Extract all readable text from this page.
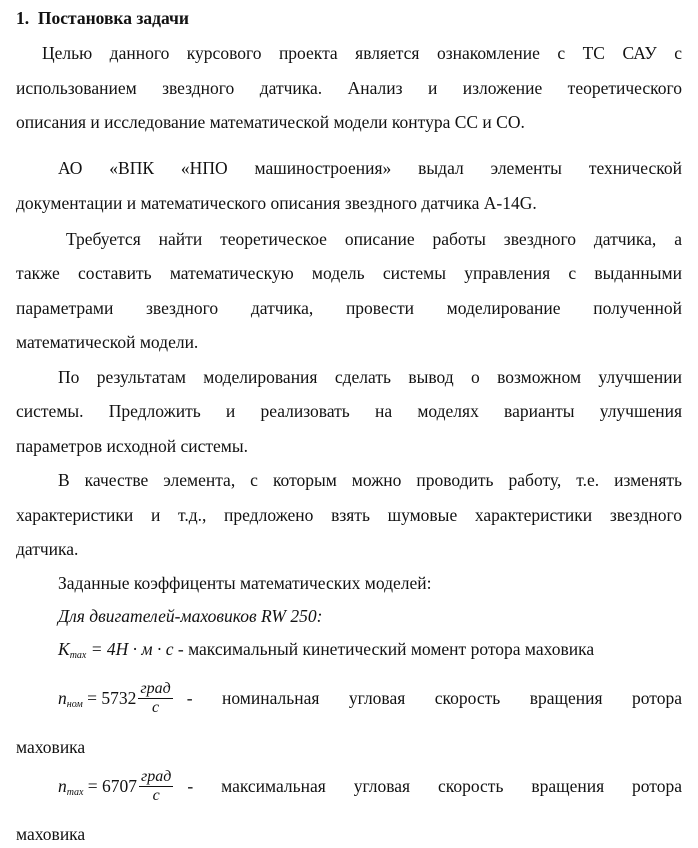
1. Постановка задачи
Целью данного курсового проекта является ознакомление с ТС САУ с
использованием звездного датчика. Анализ и изложение теоретического
описания и исследование математической модели контура СС и СО.
АО «ВПК «НПО машиностроения» выдал элементы технической
документации и математического описания звездного датчика А-14G.
Требуется найти теоретическое описание работы звездного датчика, а
также составить математическую модель системы управления с выданными
параметрами звездного датчика, провести моделирование полученной
математической модели.
По результатам моделирования сделать вывод о возможном улучшении
системы. Предложить и реализовать на моделях варианты улучшения
параметров исходной системы.
В качестве элемента, с которым можно проводить работу, т.е. изменять
характеристики и т.д., предложено взять шумовые характеристики звездного
датчика.
Заданные коэффиценты математических моделей:
Для двигателей-маховиков RW 250:
$K_{max} = 4H \cdot м \cdot с$ - максимальный кинетический момент ротора маховика
$n_{ном} = 5732 \frac{\text{град}}{с}$ - номинальная угловая скорость вращения ротора
маховика
$n_{max} = 6707 \frac{\text{град}}{с}$ - максимальная угловая скорость вращения ротора
маховика
